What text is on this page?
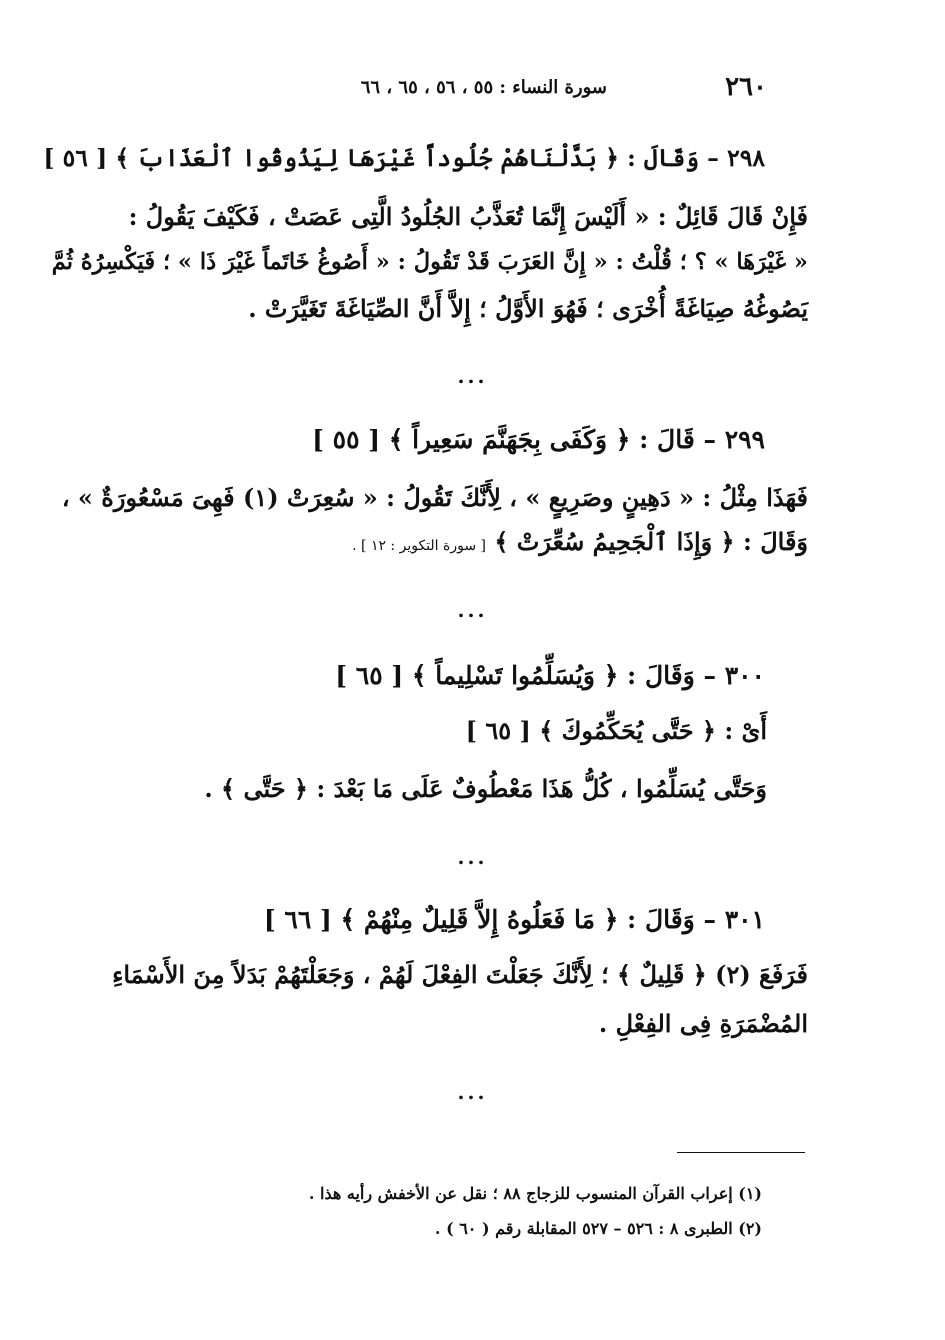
٢٦٠
سورة النساء : ٥٥ ، ٥٦ ، ٦٥ ، ٦٦
٢٩٨ – وَقَالَ : ﴿ بَدَّلْنَاهُمْ جُلُوداً غَيْرَهَا لِيَذُوقُوا ٱلْعَذَابَ ﴾ [ ٥٦ ]
فَإِنْ قَالَ قَائِلٌ : « أَلَيْسَ إِنَّمَا تُعَذَّبُ الجُلُودُ الَّتِى عَصَتْ ، فَكَيْفَ يَقُولُ :
« غَيْرَهَا » ؟ ؛ قُلْتُ : « إِنَّ العَرَبَ قَدْ تَقُولُ : « أَصُوغُ خَاتَماً غَيْرَ ذَا » ؛ فَيَكْسِرُهُ ثُمَّ
يَصُوغُهُ صِيَاغَةً أُخْرَى ؛ فَهُوَ الأَوَّلُ ؛ إِلاَّ أَنَّ الصِّيَاغَةَ تَغَيَّرَتْ .
...
٢٩٩ – قَالَ : ﴿ وَكَفَى بِجَهَنَّمَ سَعِيراً ﴾ [ ٥٥ ]
فَهَذَا مِثْلُ : « دَهِينٍ وصَرِيعٍ » ، لِأَنَّكَ تَقُولُ : « سُعِرَتْ (١) فَهِىَ مَسْعُورَةٌ » ،
وَقَالَ : ﴿ وَإِذَا ٱلْجَحِيمُ سُعِّرَتْ ﴾ [ سورة التكوير : ١٢ ] .
...
٣٠٠ – وَقَالَ : ﴿ وَيُسَلِّمُوا تَسْلِيماً ﴾ [ ٦٥ ]
أَىْ : ﴿ حَتَّى يُحَكِّمُوكَ ﴾ [ ٦٥ ]
وَحَتَّى يُسَلِّمُوا ، كُلُّ هَذَا مَعْطُوفٌ عَلَى مَا بَعْدَ : ﴿ حَتَّى ﴾ .
...
٣٠١ – وَقَالَ : ﴿ مَا فَعَلُوهُ إِلاَّ قَلِيلٌ مِنْهُمْ ﴾ [ ٦٦ ]
فَرَفَعَ (٢) ﴿ قَلِيلٌ ﴾ ؛ لِأَنَّكَ جَعَلْتَ الفِعْلَ لَهُمْ ، وَجَعَلْتَهُمْ بَدَلاً مِنَ الأَسْمَاءِ
المُضْمَرَةِ فِى الفِعْلِ .
...
(١) إعراب القرآن المنسوب للزجاج ٨٨ ؛ نقل عن الأخفش رأيه هذا .
(٢) الطبرى ٨ : ٥٢٦ – ٥٢٧ المقابلة رقم ( ٦٠ ) .
